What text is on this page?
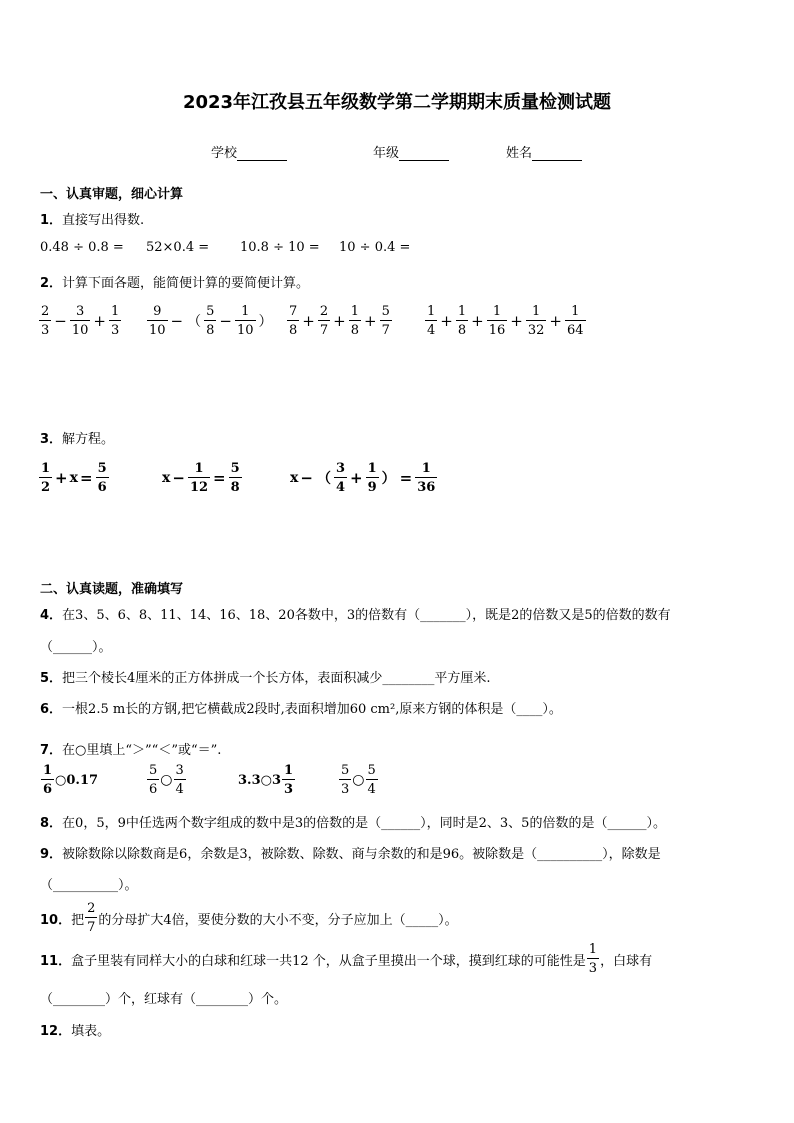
2023年江孜县五年级数学第二学期期末质量检测试题
学校	年级	姓名
一、认真审题，细心计算
1．直接写出得数.
0.48 ÷ 0.8 = 52×0.4 = 10.8 ÷ 10 = 10 ÷ 0.4 =
2．计算下面各题，能简便计算的要简便计算。
$\frac{2}{3} - \frac{3}{10} + \frac{1}{3} \frac{9}{10}$ − （ $\frac{5}{8} - \frac{1}{10}$ ） $\frac{7}{8} + \frac{2}{7} + \frac{1}{8} + \frac{5}{7}$	$\frac{1}{4} + \frac{1}{8} + \frac{1}{16} + \frac{1}{32} + \frac{1}{64}$
3．解方程。
$\frac{1}{2} + x = \frac{5}{6}$	$x - \frac{1}{12} = \frac{5}{8}$	x − （ $\frac{3}{4} + \frac{1}{9}$ ） = $\frac{1}{36}$
二、认真读题，准确填写
4．在3、5、6、8、11、14、16、18、20各数中，3的倍数有（_______），既是2的倍数又是5的倍数的数有
（______）。
5．把三个棱长4厘米的正方体拼成一个长方体，表面积减少________平方厘米.
6．一根2.5 m长的方钢,把它横截成2段时,表面积增加60 cm²,原来方钢的体积是（____）。
7．在○里填上“＞”“＜”或“＝”.
$\frac{1}{6}$ ○0.17	$\frac{5}{6}$ ○ $\frac{3}{4}$	3.3○3 $\frac{1}{3}$	$\frac{5}{3}$ ○ $\frac{5}{4}$
8．在0，5，9中任选两个数字组成的数中是3的倍数的是（______），同时是2、3、5的倍数的是（______）。
9．被除数除以除数商是6，余数是3，被除数、除数、商与余数的和是96。被除数是（__________），除数是
（__________）。
10． 把 $\frac{2}{7}$ 的分母扩大4倍，要使分数的大小不变，分子应加上（_____）。
11． 盒子里装有同样大小的白球和红球一共12 个，从盒子里摸出一个球，摸到红球的可能性是 $\frac{1}{3}$ ，白球有
（________）个，红球有（________）个。
12．填表。
